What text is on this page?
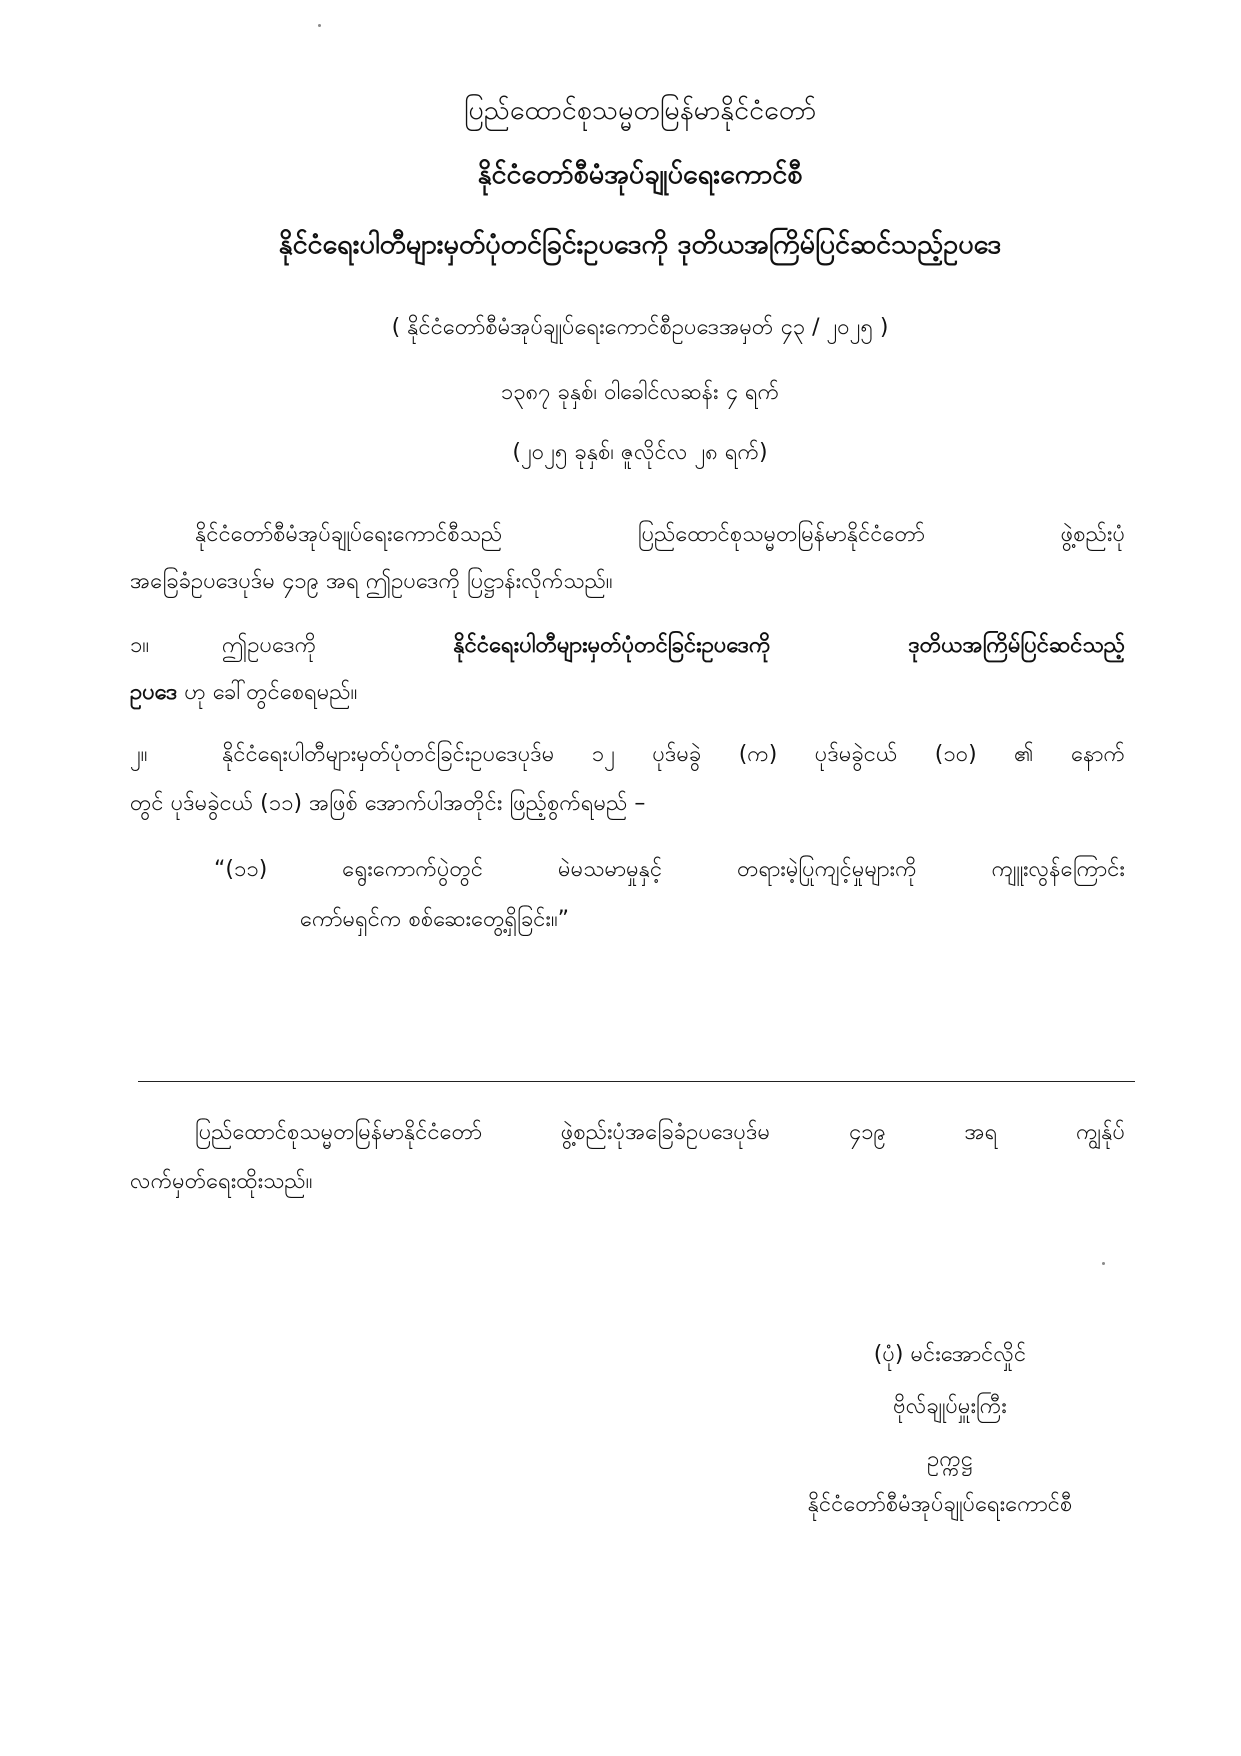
ပြည်ထောင်စုသမ္မတမြန်မာနိုင်ငံတော်
နိုင်ငံတော်စီမံအုပ်ချုပ်ရေးကောင်စီ
နိုင်ငံရေးပါတီများမှတ်ပုံတင်ခြင်းဥပဒေကို ဒုတိယအကြိမ်ပြင်ဆင်သည့်ဥပဒေ
( နိုင်ငံတော်စီမံအုပ်ချုပ်ရေးကောင်စီဥပဒေအမှတ် ၄၃ / ၂၀၂၅ )
၁၃၈၇ ခုနှစ်၊ ဝါခေါင်လဆန်း ၄ ရက်
(၂၀၂၅ ခုနှစ်၊ ဇူလိုင်လ ၂၈ ရက်)
နိုင်ငံတော်စီမံအုပ်ချုပ်ရေးကောင်စီသည် ပြည်ထောင်စုသမ္မတမြန်မာနိုင်ငံတော် ဖွဲ့စည်းပုံ
အခြေခံဥပဒေပုဒ်မ ၄၁၉ အရ ဤဥပဒေကို ပြဋ္ဌာန်းလိုက်သည်။
၁။	ဤဥပဒေကို	နိုင်ငံရေးပါတီများမှတ်ပုံတင်ခြင်းဥပဒေကို ဒုတိယအကြိမ်ပြင်ဆင်သည့်
ဥပဒေ ဟု ခေါ်တွင်စေရမည်။
၂။	နိုင်ငံရေးပါတီများမှတ်ပုံတင်ခြင်းဥပဒေပုဒ်မ ၁၂ ပုဒ်မခွဲ (က) ပုဒ်မခွဲငယ် (၁၀) ၏ နောက်
တွင် ပုဒ်မခွဲငယ် (၁၁) အဖြစ် အောက်ပါအတိုင်း ဖြည့်စွက်ရမည် –
“(၁၁) ရွေးကောက်ပွဲတွင် မဲမသမာမှုနှင့် တရားမဲ့ပြုကျင့်မှုများကို ကျူးလွန်ကြောင်း
ကော်မရှင်က စစ်ဆေးတွေ့ရှိခြင်း။”
ပြည်ထောင်စုသမ္မတမြန်မာနိုင်ငံတော် ဖွဲ့စည်းပုံအခြေခံဥပဒေပုဒ်မ ၄၁၉ အရ ကျွန်ုပ်
လက်မှတ်ရေးထိုးသည်။
(ပုံ) မင်းအောင်လှိုင်
ဗိုလ်ချုပ်မှူးကြီး
ဥက္ကဋ္ဌ
နိုင်ငံတော်စီမံအုပ်ချုပ်ရေးကောင်စီ
